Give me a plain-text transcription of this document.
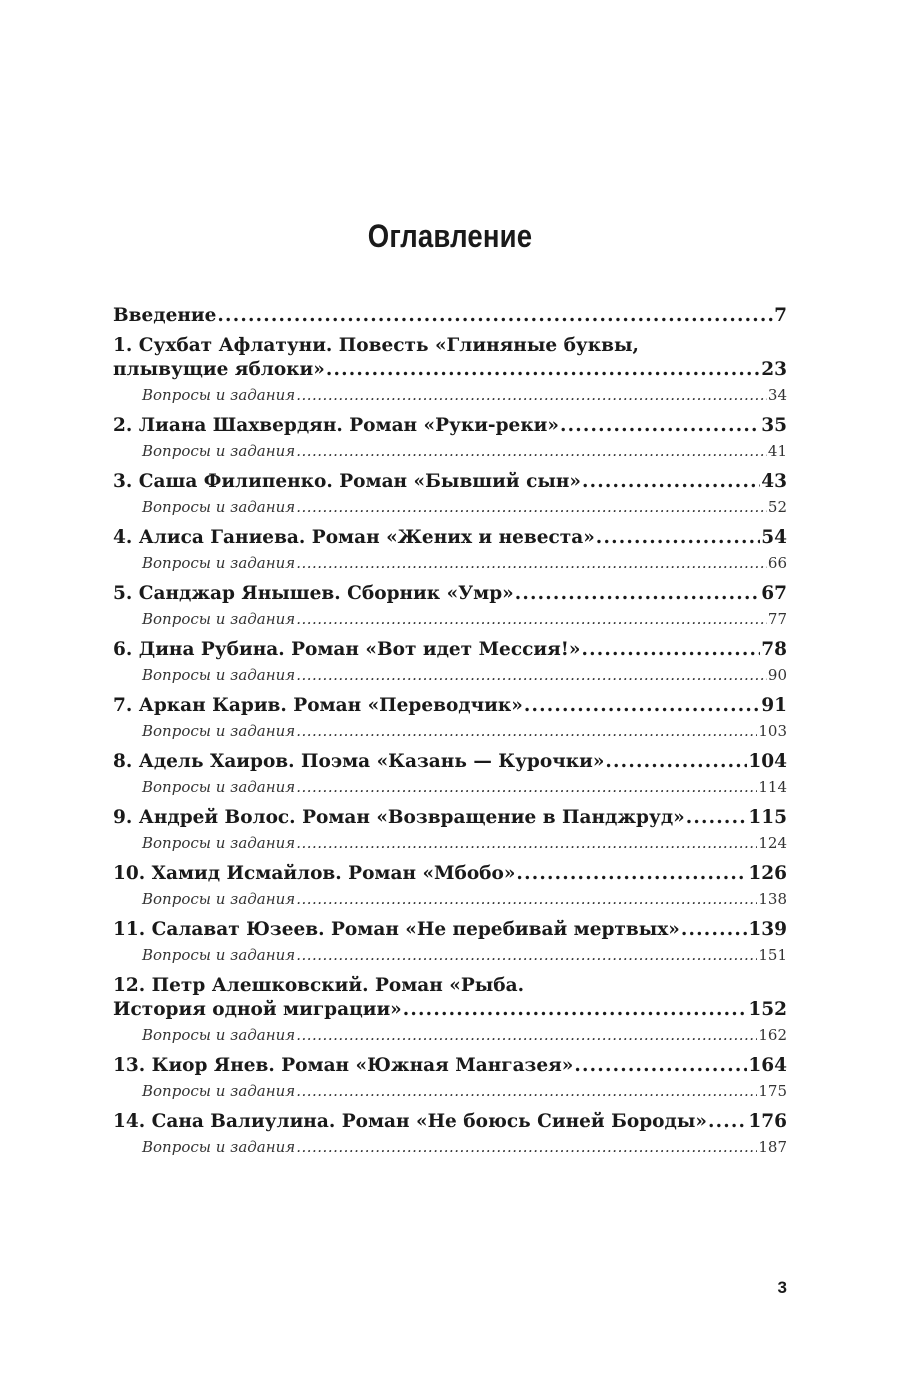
Оглавление
Введение .....	7
1. Сухбат Афлатуни. Повесть «Глиняные буквы,
плывущие яблоки» .....	23
Вопросы и задания .....	34
2. Лиана Шахвердян. Роман «Руки-реки» .....	35
Вопросы и задания .....	41
3. Саша Филипенко. Роман «Бывший сын» .....	43
Вопросы и задания .....	52
4. Алиса Ганиева. Роман «Жених и невеста» .....	54
Вопросы и задания .....	66
5. Санджар Янышев. Сборник «Умр» .....	67
Вопросы и задания .....	77
6. Дина Рубина. Роман «Вот идет Мессия!» .....	78
Вопросы и задания .....	90
7. Аркан Карив. Роман «Переводчик» .....	91
Вопросы и задания .....	103
8. Адель Хаиров. Поэма «Казань — Курочки» .....	104
Вопросы и задания .....	114
9. Андрей Волос. Роман «Возвращение в Панджруд» .....	115
Вопросы и задания .....	124
10. Хамид Исмайлов. Роман «Мбобо» .....	126
Вопросы и задания .....	138
11. Салават Юзеев. Роман «Не перебивай мертвых» .....	139
Вопросы и задания .....	151
12. Петр Алешковский. Роман «Рыба.
История одной миграции» .....	152
Вопросы и задания .....	162
13. Киор Янев. Роман «Южная Мангазея» .....	164
Вопросы и задания .....	175
14. Сана Валиулина. Роман «Не боюсь Синей Бороды» ..... 176
Вопросы и задания .....	187
3
